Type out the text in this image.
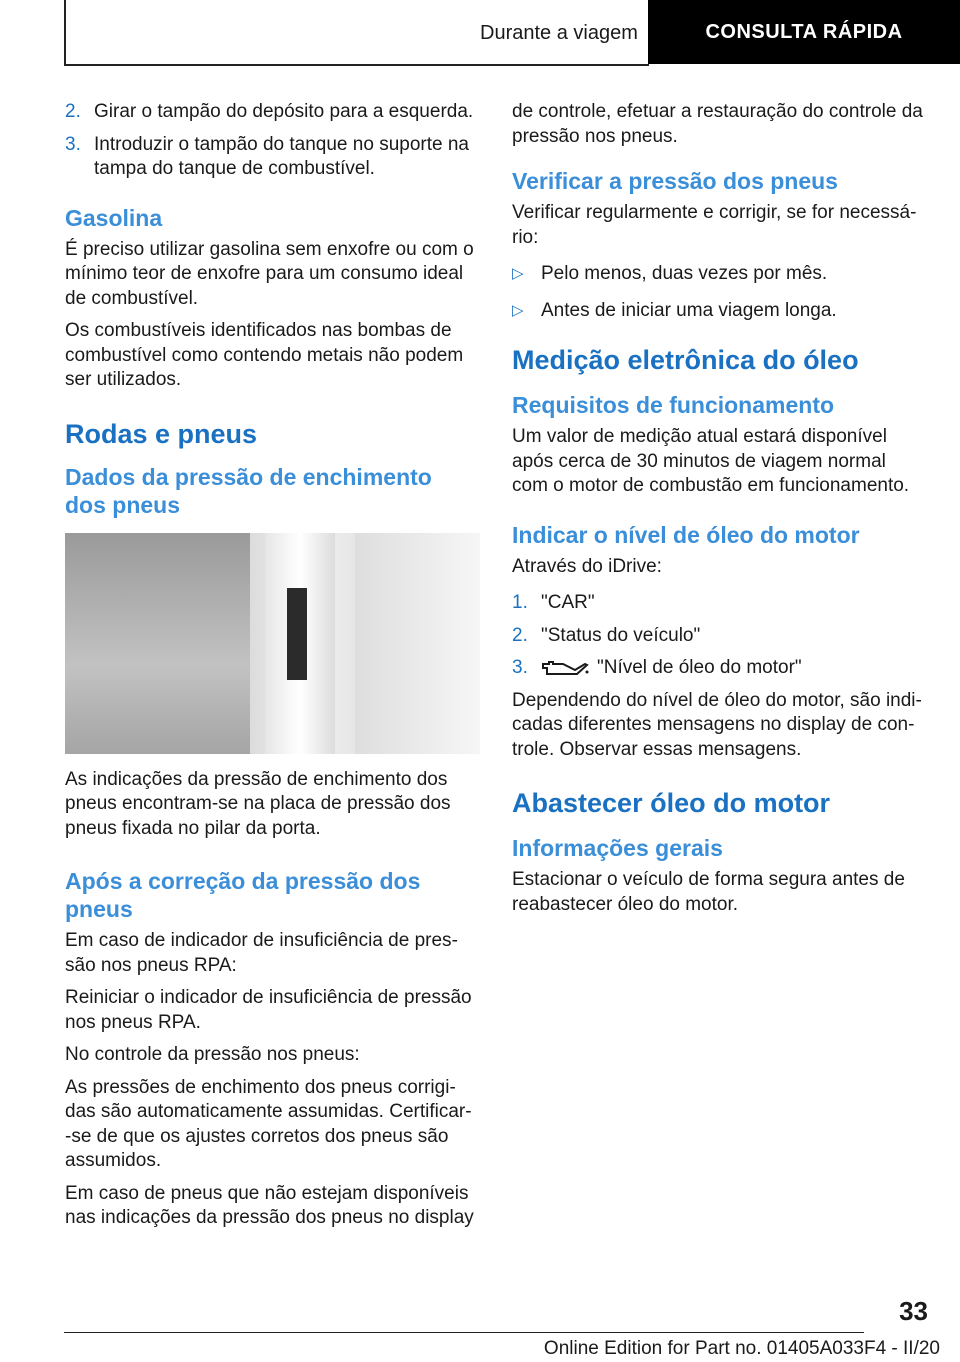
Durante a viagem	CONSULTA RÁPIDA
2. Girar o tampão do depósito para a esquerda.
3. Introduzir o tampão do tanque no suporte na tampa do tanque de combustível.
Gasolina

É preciso utilizar gasolina sem enxofre ou com o mínimo teor de enxofre para um consumo ideal de combustível.

Os combustíveis identificados nas bombas de combustível como contendo metais não podem ser utilizados.

Rodas e pneus
Dados da pressão de enchimento dos pneus

As indicações da pressão de enchimento dos pneus encontram-se na placa de pressão dos pneus fixada no pilar da porta.

Após a correção da pressão dos pneus

Em caso de indicador de insuficiência de pressão nos pneus RPA:

Reiniciar o indicador de insuficiência de pressão nos pneus RPA.

No controle da pressão nos pneus:

As pressões de enchimento dos pneus corrigidas são automaticamente assumidas. Certificar--se de que os ajustes corretos dos pneus são assumidos.

Em caso de pneus que não estejam disponíveis nas indicações da pressão dos pneus no display

de controle, efetuar a restauração do controle da pressão nos pneus.

Verificar a pressão dos pneus

Verificar regularmente e corrigir, se for necessário:

▷ Pelo menos, duas vezes por mês.
▷ Antes de iniciar uma viagem longa.
Medição eletrônica do óleo
Requisitos de funcionamento

Um valor de medição atual estará disponível após cerca de 30 minutos de viagem normal com o motor de combustão em funcionamento.

Indicar o nível de óleo do motor

Através do iDrive:

1. "CAR"
2. "Status do veículo"
3.	"Nível de óleo do motor"

Dependendo do nível de óleo do motor, são indicadas diferentes mensagens no display de controle. Observar essas mensagens.

Abastecer óleo do motor
Informações gerais

Estacionar o veículo de forma segura antes de reabastecer óleo do motor.

33
Online Edition for Part no. 01405A033F4 - II/20
